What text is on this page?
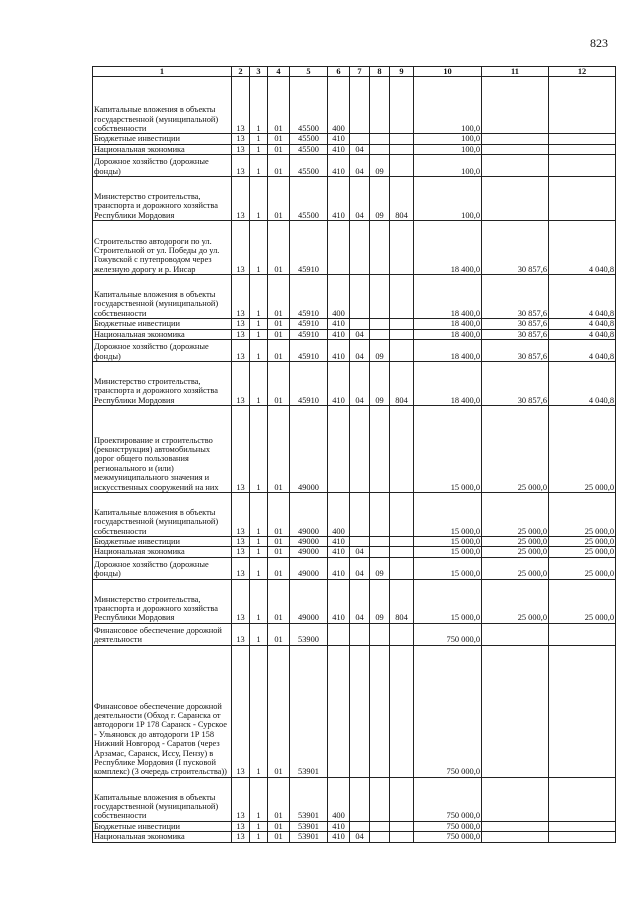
823
1	2	3	4	5	6	7	8	9	10	11	12
Капитальные вложения в объекты государственной (муниципальной) собственности	13	1	01	45500	400				100,0		
Бюджетные инвестиции	13	1	01	45500	410				100,0		
Национальная экономика	13	1	01	45500	410	04			100,0		
Дорожное хозяйство (дорожные фонды)	13	1	01	45500	410	04	09		100,0		
Министерство строительства, транспорта и дорожного хозяйства Республики Мордовия	13	1	01	45500	410	04	09	804	100,0		
Строительство автодороги по ул. Строительной от ул. Победы до ул. Гожувской с путепроводом через железную дорогу и р. Инсар	13	1	01	45910					18 400,0	30 857,6	4 040,8
Капитальные вложения в объекты государственной (муниципальной) собственности	13	1	01	45910	400				18 400,0	30 857,6	4 040,8
Бюджетные инвестиции	13	1	01	45910	410				18 400,0	30 857,6	4 040,8
Национальная экономика	13	1	01	45910	410	04			18 400,0	30 857,6	4 040,8
Дорожное хозяйство (дорожные фонды)	13	1	01	45910	410	04	09		18 400,0	30 857,6	4 040,8
Министерство строительства, транспорта и дорожного хозяйства Республики Мордовия	13	1	01	45910	410	04	09	804	18 400,0	30 857,6	4 040,8
Проектирование и строительство (реконструкция) автомобильных дорог общего пользования регионального и (или) межмуниципального значения и искусственных сооружений на них	13	1	01	49000					15 000,0	25 000,0	25 000,0
Капитальные вложения в объекты государственной (муниципальной) собственности	13	1	01	49000	400				15 000,0	25 000,0	25 000,0
Бюджетные инвестиции	13	1	01	49000	410				15 000,0	25 000,0	25 000,0
Национальная экономика	13	1	01	49000	410	04			15 000,0	25 000,0	25 000,0
Дорожное хозяйство (дорожные фонды)	13	1	01	49000	410	04	09		15 000,0	25 000,0	25 000,0
Министерство строительства, транспорта и дорожного хозяйства Республики Мордовия	13	1	01	49000	410	04	09	804	15 000,0	25 000,0	25 000,0
Финансовое обеспечение дорожной деятельности	13	1	01	53900					750 000,0		
Финансовое обеспечение дорожной деятельности (Обход г. Саранска от автодороги 1Р 178 Саранск - Сурское - Ульяновск до автодороги 1Р 158 Нижний Новгород - Саратов (через Арзамас, Саранск, Иссу, Пензу) в Республике Мордовия (I пусковой комплекс) (3 очередь строительства))	13	1	01	53901					750 000,0		
Капитальные вложения в объекты государственной (муниципальной) собственности	13	1	01	53901	400				750 000,0		
Бюджетные инвестиции	13	1	01	53901	410				750 000,0		
Национальная экономика	13	1	01	53901	410	04			750 000,0		
